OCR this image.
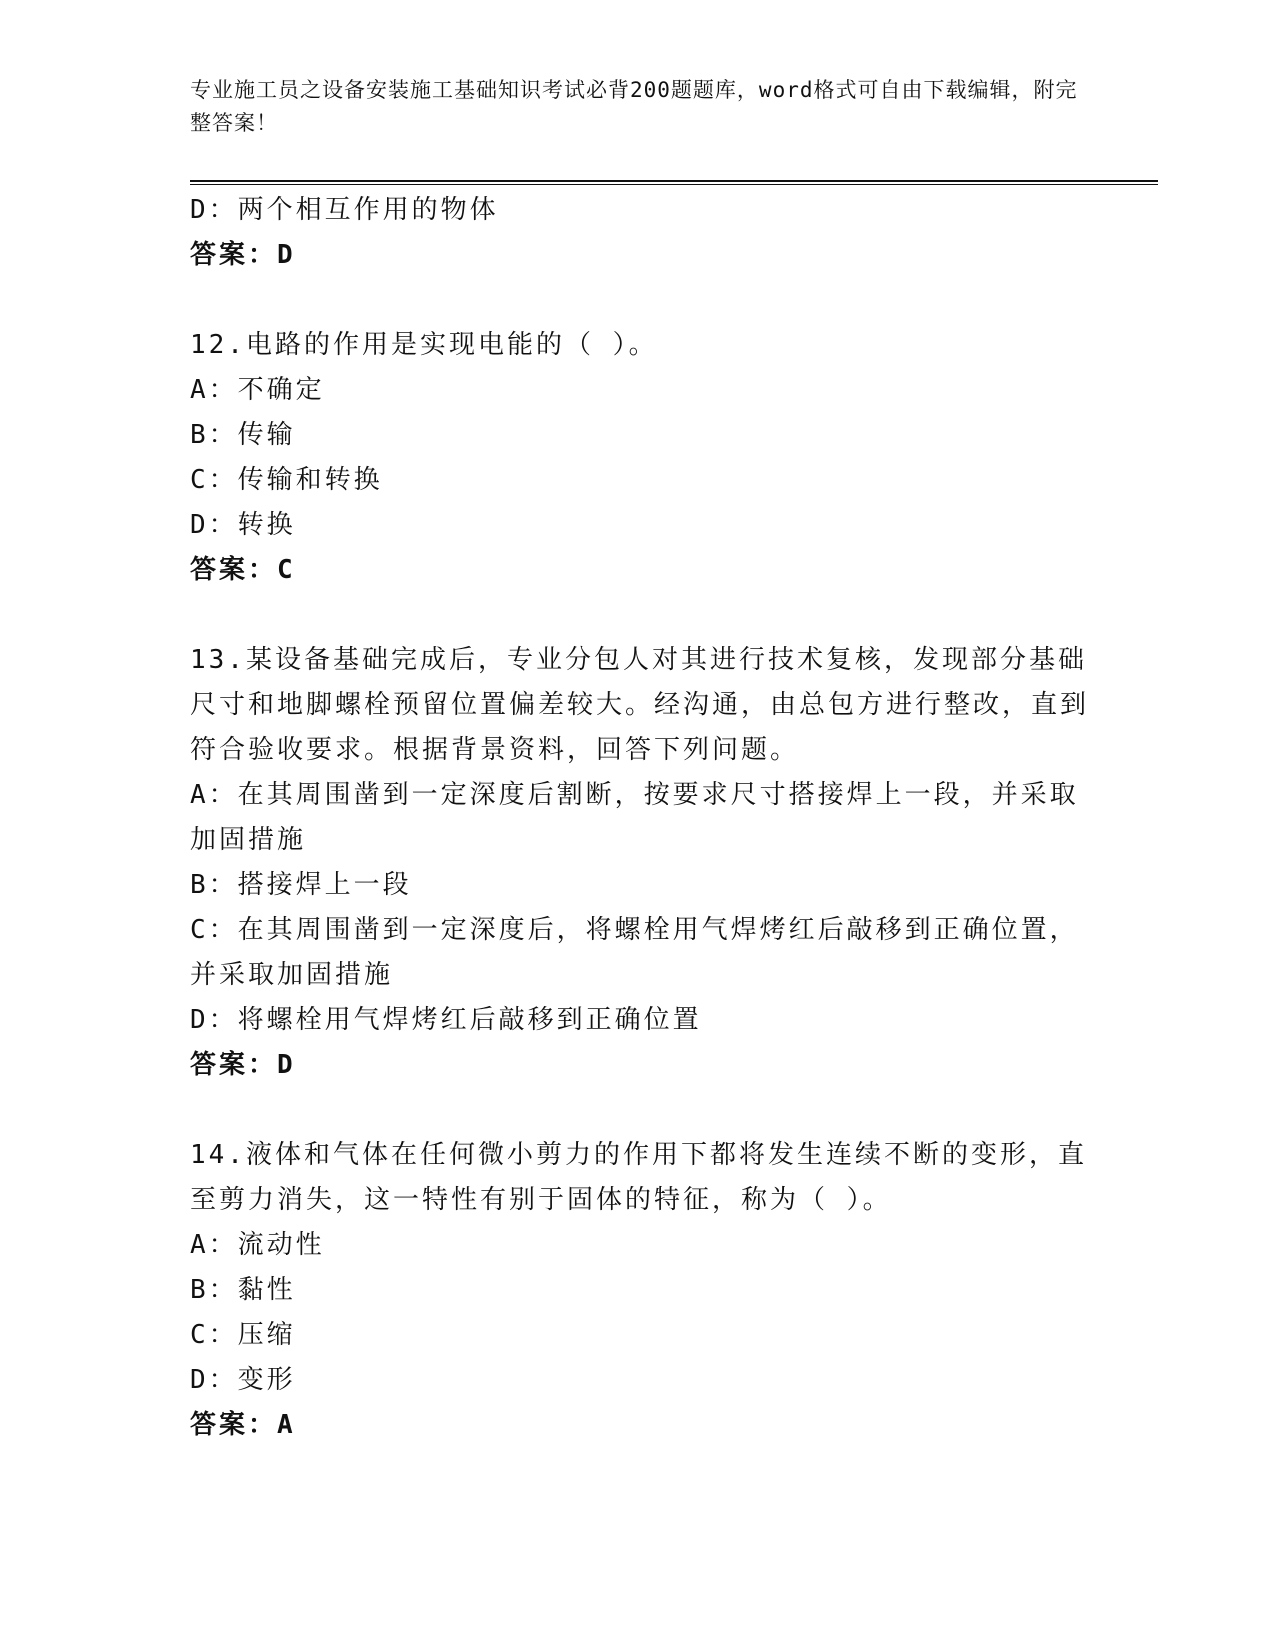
专业施工员之设备安装施工基础知识考试必背200题题库，word格式可自由下载编辑，附完整答案！
D：两个相互作用的物体
答案：D
12.电路的作用是实现电能的（ ）。
A：不确定
B：传输
C：传输和转换
D：转换
答案：C
13.某设备基础完成后，专业分包人对其进行技术复核，发现部分基础尺寸和地脚螺栓预留位置偏差较大。经沟通，由总包方进行整改，直到符合验收要求。根据背景资料，回答下列问题。
A：在其周围凿到一定深度后割断，按要求尺寸搭接焊上一段，并采取加固措施
B：搭接焊上一段
C：在其周围凿到一定深度后，将螺栓用气焊烤红后敲移到正确位置，并采取加固措施
D：将螺栓用气焊烤红后敲移到正确位置
答案：D
14.液体和气体在任何微小剪力的作用下都将发生连续不断的变形，直至剪力消失，这一特性有别于固体的特征，称为（ ）。
A：流动性
B：黏性
C：压缩
D：变形
答案：A
